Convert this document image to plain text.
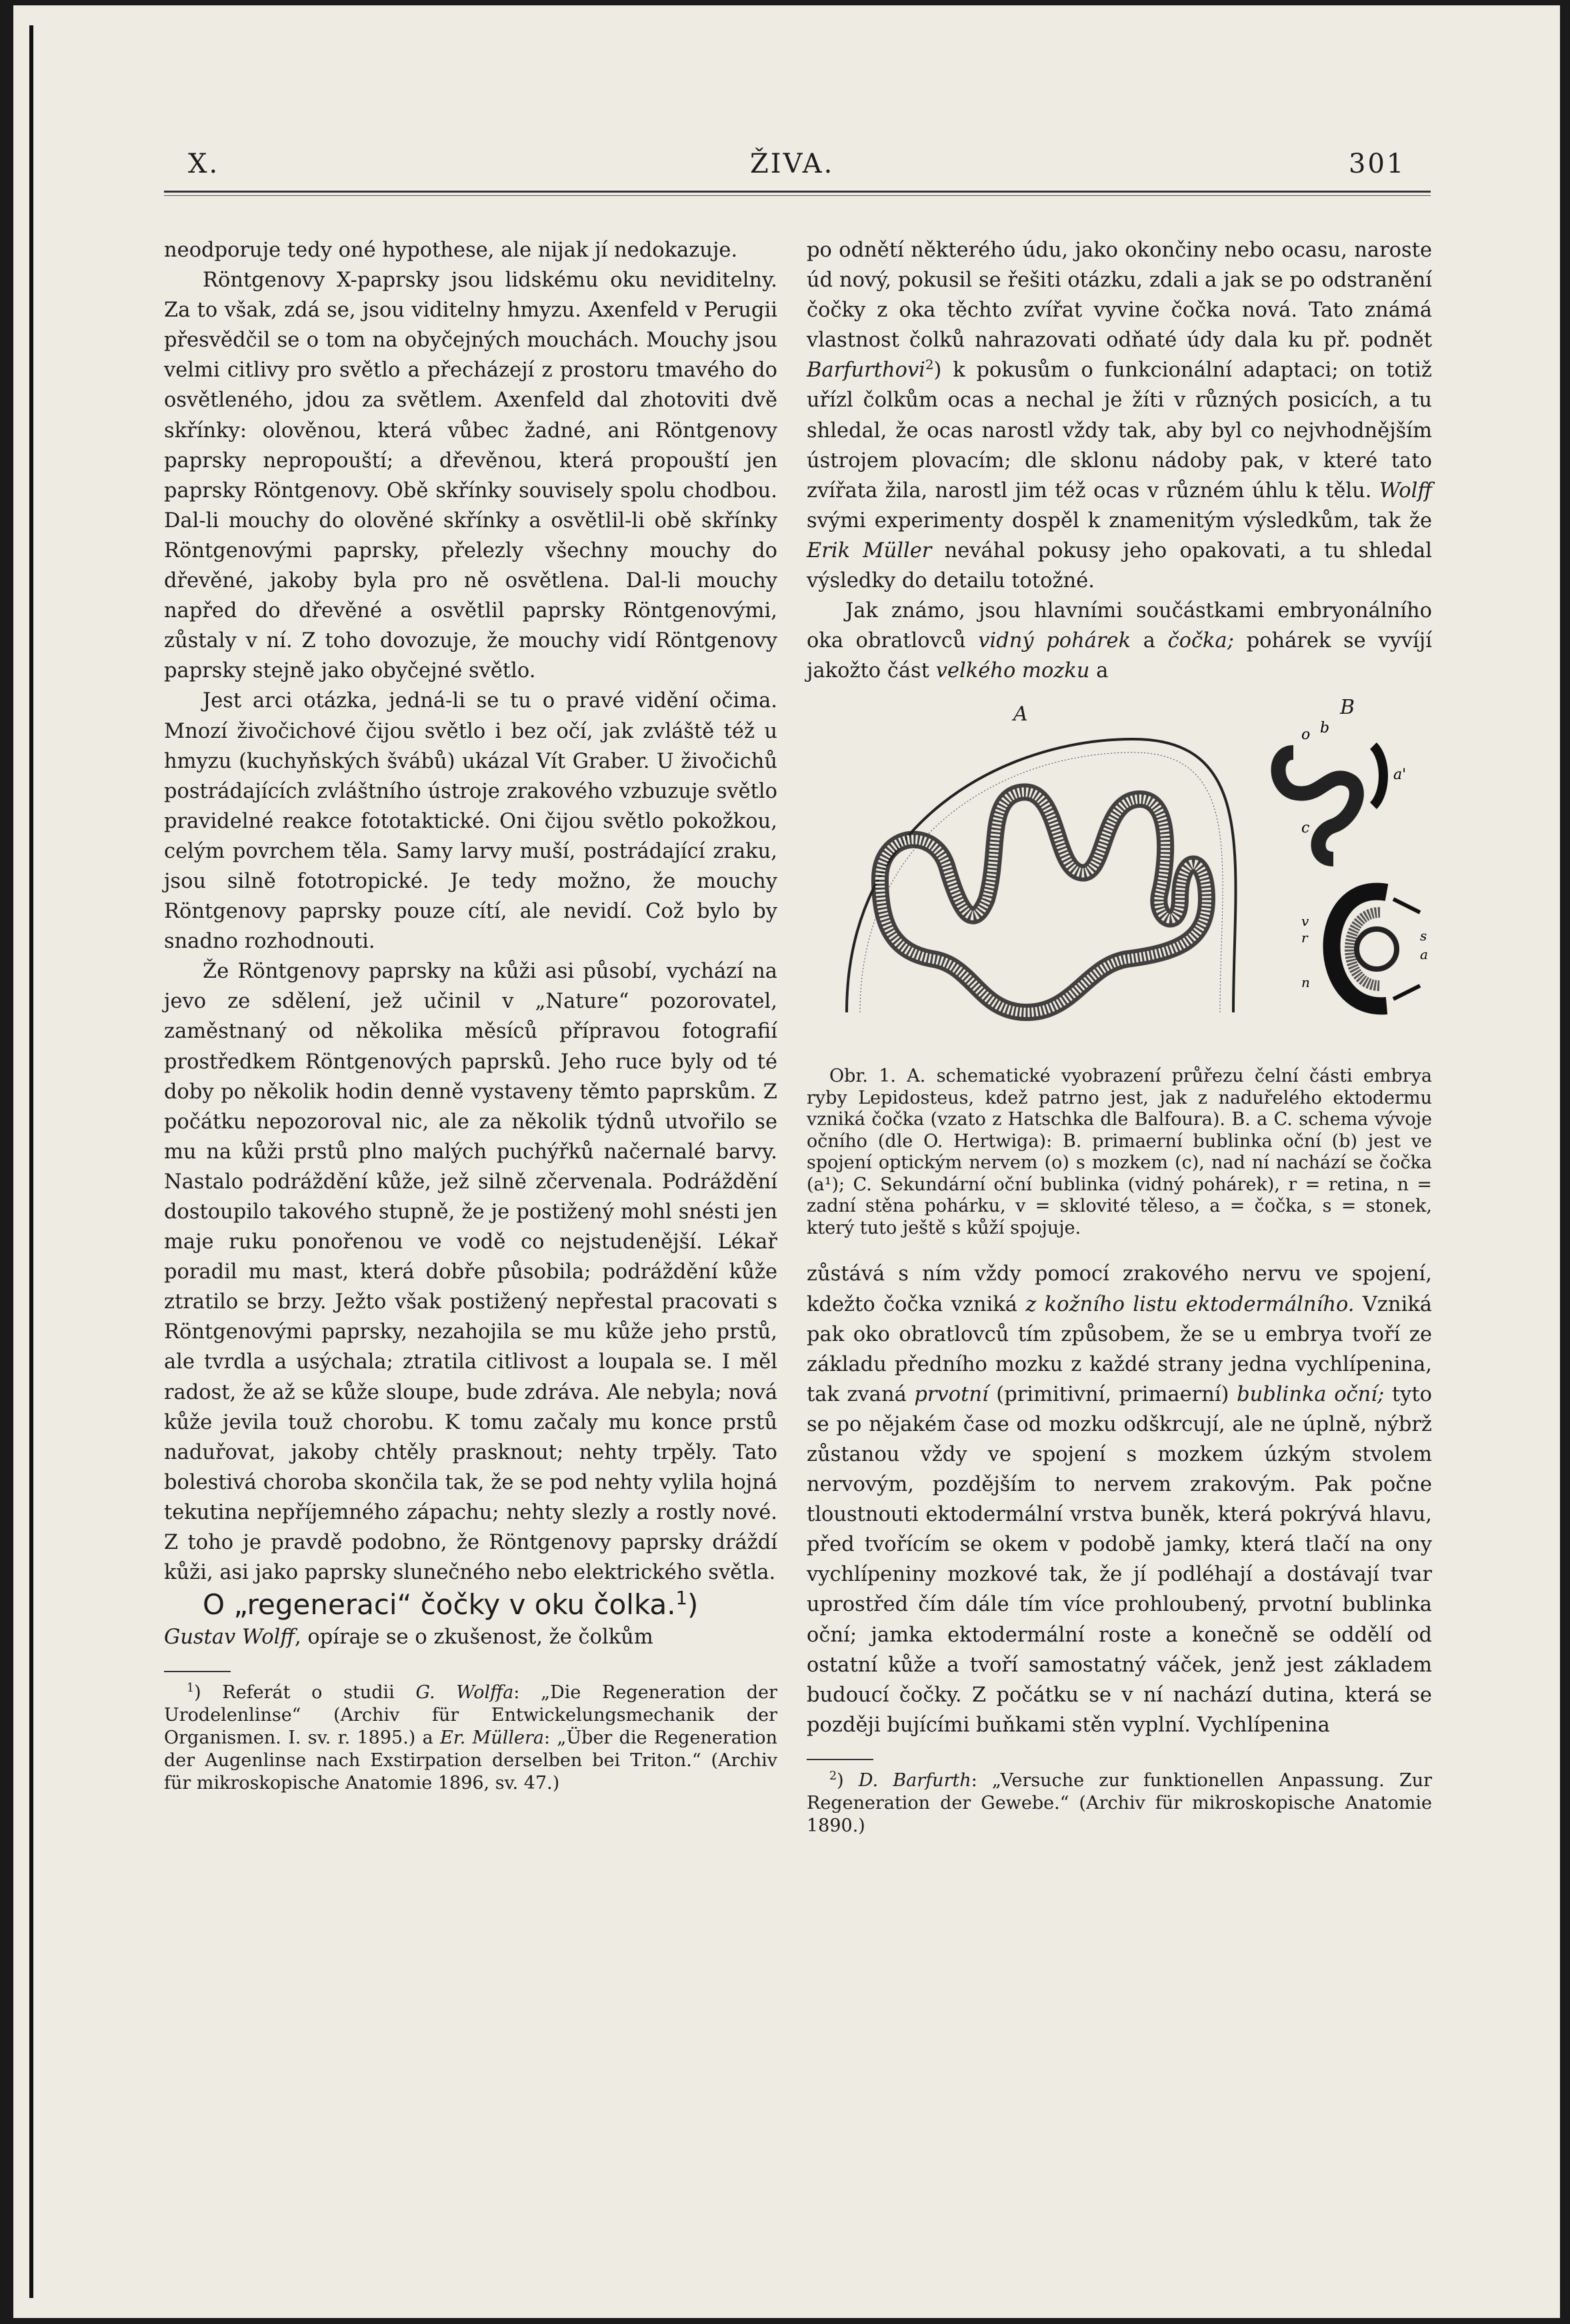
X.	ŽIVA.	301

neodporuje tedy oné hypothese, ale nijak jí nedokazuje.

Röntgenovy X-paprsky jsou lidskému oku neviditelny. Za to však, zdá se, jsou viditelny hmyzu. Axenfeld v Perugii přesvědčil se o tom na obyčejných mouchách. Mouchy jsou velmi citlivy pro světlo a přecházejí z prostoru tmavého do osvětleného, jdou za světlem. Axenfeld dal zhotoviti dvě skřínky: olověnou, která vůbec žadné, ani Röntgenovy paprsky nepropouští; a dřevěnou, která propouští jen paprsky Röntgenovy. Obě skřínky souvisely spolu chodbou. Dal-li mouchy do olověné skřínky a osvětlil-li obě skřínky Röntgenovými paprsky, přelezly všechny mouchy do dřevěné, jakoby byla pro ně osvětlena. Dal-li mouchy napřed do dřevěné a osvětlil paprsky Röntgenovými, zůstaly v ní. Z toho dovozuje, že mouchy vidí Röntgenovy paprsky stejně jako obyčejné světlo.

Jest arci otázka, jedná-li se tu o pravé vidění očima. Mnozí živočichové čijou světlo i bez očí, jak zvláště též u hmyzu (kuchyňských švábů) ukázal Vít Graber. U živočichů postrádajících zvláštního ústroje zrakového vzbuzuje světlo pravidelné reakce fototaktické. Oni čijou světlo pokožkou, celým povrchem těla. Samy larvy muší, postrádající zraku, jsou silně fototropické. Je tedy možno, že mouchy Röntgenovy paprsky pouze cítí, ale nevidí. Což bylo by snadno rozhodnouti.

Že Röntgenovy paprsky na kůži asi působí, vychází na jevo ze sdělení, jež učinil v „Nature“ pozorovatel, zaměstnaný od několika měsíců přípravou fotografií prostředkem Röntgenových paprsků. Jeho ruce byly od té doby po několik hodin denně vystaveny těmto paprskům. Z počátku nepozoroval nic, ale za několik týdnů utvořilo se mu na kůži prstů plno malých puchýřků načernalé barvy. Nastalo podráždění kůže, jež silně zčervenala. Podráždění dostoupilo takového stupně, že je postižený mohl snésti jen maje ruku ponořenou ve vodě co nejstudenější. Lékař poradil mu mast, která dobře působila; podráždění kůže ztratilo se brzy. Ježto však postižený nepřestal pracovati s Röntgenovými paprsky, nezahojila se mu kůže jeho prstů, ale tvrdla a usýchala; ztratila citlivost a loupala se. I měl radost, že až se kůže sloupe, bude zdráva. Ale nebyla; nová kůže jevila touž chorobu. K tomu začaly mu konce prstů naduřovat, jakoby chtěly prasknout; nehty trpěly. Tato bolestivá choroba skončila tak, že se pod nehty vylila hojná tekutina nepříjemného zápachu; nehty slezly a rostly nové. Z toho je pravdě podobno, že Röntgenovy paprsky dráždí kůži, asi jako paprsky slunečného nebo elektrického světla.

O „regeneraci“ čočky v oku čolka.$^1$)

Gustav Wolff, opíraje se o zkušenost, že čolkům

$^1$) Referát o studii G. Wolffa: „Die Regeneration der Urodelenlinse“ (Archiv für Entwickelungsmechanik der Organismen. I. sv. r. 1895.) a Er. Müllera: „Über die Regeneration der Augenlinse nach Exstirpation derselben bei Triton.“ (Archiv für mikroskopische Anatomie 1896, sv. 47.)

po odnětí některého údu, jako okončiny nebo ocasu, naroste úd nový, pokusil se řešiti otázku, zdali a jak se po odstranění čočky z oka těchto zvířat vyvine čočka nová. Tato známá vlastnost čolků nahrazovati odňaté údy dala ku př. podnět Barfurthovi$^2$) k pokusům o funkcionální adaptaci; on totiž uřízl čolkům ocas a nechal je žíti v různých posicích, a tu shledal, že ocas narostl vždy tak, aby byl co nejvhodnějším ústrojem plovacím; dle sklonu nádoby pak, v které tato zvířata žila, narostl jim též ocas v různém úhlu k tělu. Wolff svými experimenty dospěl k znamenitým výsledkům, tak že Erik Müller neváhal pokusy jeho opakovati, a tu shledal výsledky do detailu totožné.

Jak známo, jsou hlavními součástkami embryonálního oka obratlovců vidný pohárek a čočka; pohárek se vyvíjí jakožto část velkého mozku a

A	B
o b
a'
c
v
r
n
s
a

Obr. 1. A. schematické vyobrazení průřezu čelní části embrya ryby Lepidosteus, kdež patrno jest, jak z naduřelého ektodermu vzniká čočka (vzato z Hatschka dle Balfoura). B. a C. schema vývoje očního (dle O. Hertwiga): B. primaerní bublinka oční (b) jest ve spojení optickým nervem (o) s mozkem (c), nad ní nachází se čočka (a¹); C. Sekundární oční bublinka (vidný pohárek), r = retina, n = zadní stěna pohárku, v = sklovité těleso, a = čočka, s = stonek, který tuto ještě s kůží spojuje.

zůstává s ním vždy pomocí zrakového nervu ve spojení, kdežto čočka vzniká z kožního listu ektodermálního. Vzniká pak oko obratlovců tím způsobem, že se u embrya tvoří ze základu předního mozku z každé strany jedna vychlípenina, tak zvaná prvotní (primitivní, primaerní) bublinka oční; tyto se po nějakém čase od mozku odškrcují, ale ne úplně, nýbrž zůstanou vždy ve spojení s mozkem úzkým stvolem nervovým, pozdějším to nervem zrakovým. Pak počne tloustnouti ektodermální vrstva buněk, která pokrývá hlavu, před tvořícím se okem v podobě jamky, která tlačí na ony vychlípeniny mozkové tak, že jí podléhají a dostávají tvar uprostřed čím dále tím více prohloubený, prvotní bublinka oční; jamka ektodermální roste a konečně se oddělí od ostatní kůže a tvoří samostatný váček, jenž jest základem budoucí čočky. Z počátku se v ní nachází dutina, která se později bujícími buňkami stěn vyplní. Vychlípenina

$^2$) D. Barfurth: „Versuche zur funktionellen Anpassung. Zur Regeneration der Gewebe.“ (Archiv für mikroskopische Anatomie 1890.)
